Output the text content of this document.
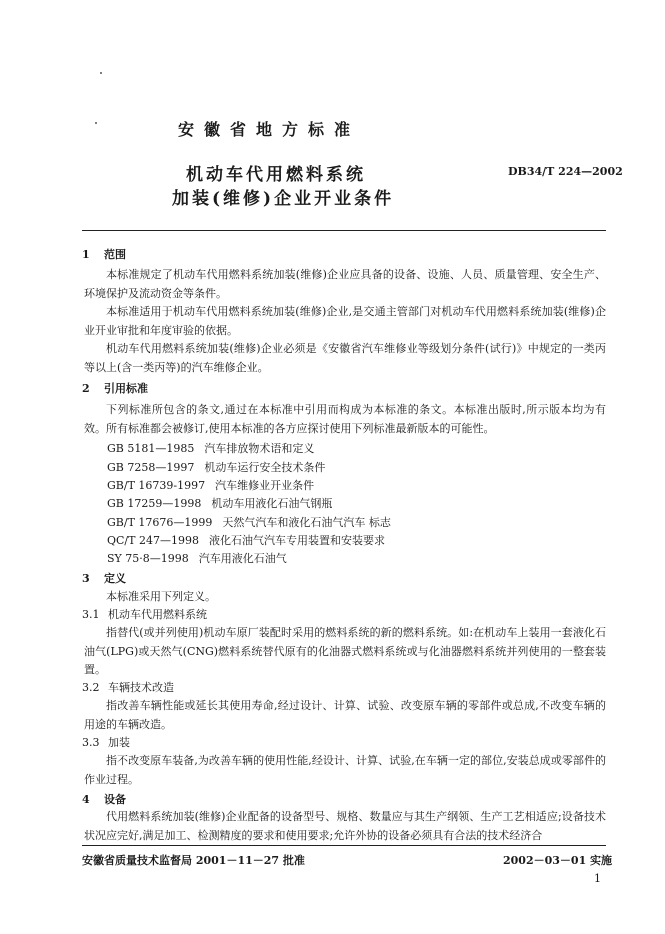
安徽省地方标准
机动车代用燃料系统
加装(维修)企业开业条件
DB34/T 224—2002
1 范围

本标准规定了机动车代用燃料系统加装(维修)企业应具备的设备、设施、人员、质量管理、安全生产、环境保护及流动资金等条件。

本标准适用于机动车代用燃料系统加装(维修)企业,是交通主管部门对机动车代用燃料系统加装(维修)企业开业审批和年度审验的依据。

机动车代用燃料系统加装(维修)企业必须是《安徽省汽车维修业等级划分条件(试行)》中规定的一类丙等以上(含一类丙等)的汽车维修企业。

2 引用标准

下列标准所包含的条文,通过在本标准中引用而构成为本标准的条文。本标准出版时,所示版本均为有效。所有标准都会被修订,使用本标准的各方应探讨使用下列标准最新版本的可能性。

GB 5181—1985 汽车排放物术语和定义
GB 7258—1997 机动车运行安全技术条件
GB/T 16739-1997 汽车维修业开业条件
GB 17259—1998 机动车用液化石油气钢瓶
GB/T 17676—1999 天然气汽车和液化石油气汽车 标志
QC/T 247—1998 液化石油气汽车专用装置和安装要求
SY 75·8—1998 汽车用液化石油气
3 定义

本标准采用下列定义。

3.1 机动车代用燃料系统

指替代(或并列使用)机动车原厂装配时采用的燃料系统的新的燃料系统。如:在机动车上装用一套液化石油气(LPG)或天然气(CNG)燃料系统替代原有的化油器式燃料系统或与化油器燃料系统并列使用的一整套装置。

3.2 车辆技术改造

指改善车辆性能或延长其使用寿命,经过设计、计算、试验、改变原车辆的零部件或总成,不改变车辆的用途的车辆改造。

3.3 加装

指不改变原车装备,为改善车辆的使用性能,经设计、计算、试验,在车辆一定的部位,安装总成或零部件的作业过程。

4 设备

代用燃料系统加装(维修)企业配备的设备型号、规格、数量应与其生产纲领、生产工艺相适应;设备技术状况应完好,满足加工、检测精度的要求和使用要求;允许外协的设备必须具有合法的技术经济合

安徽省质量技术监督局 2001－11－27 批准	2002－03－01 实施
1
